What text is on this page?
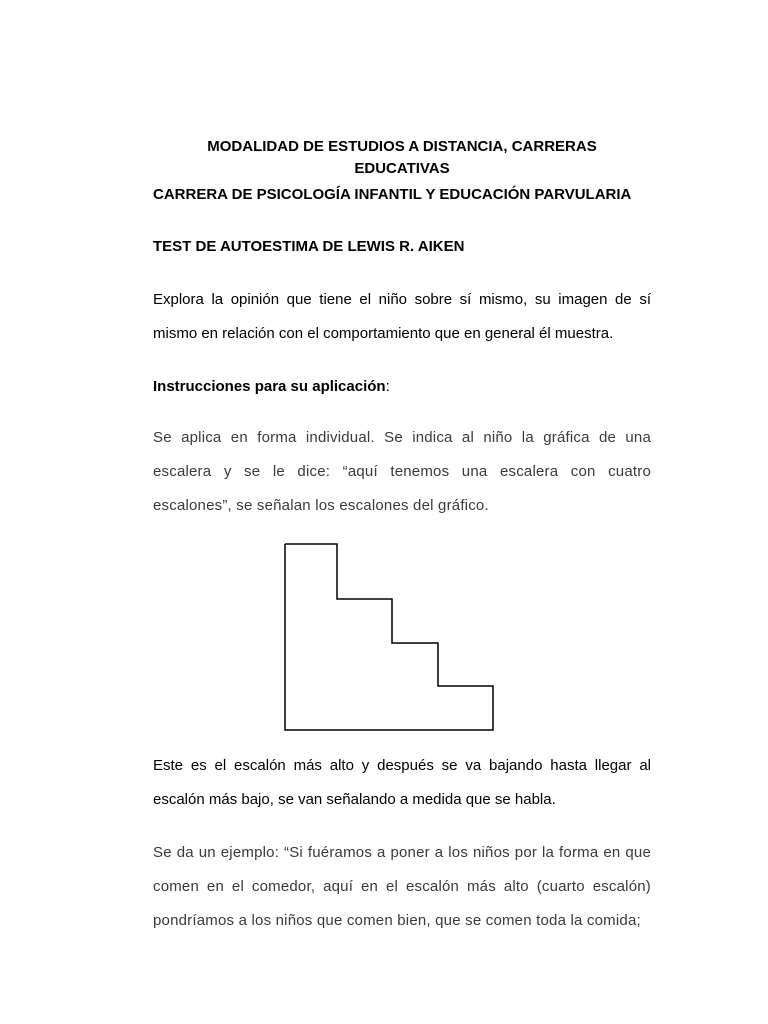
MODALIDAD DE ESTUDIOS A DISTANCIA, CARRERAS

EDUCATIVAS

CARRERA DE PSICOLOGÍA INFANTIL Y EDUCACIÓN PARVULARIA

TEST DE AUTOESTIMA DE LEWIS R. AIKEN

Explora la opinión que tiene el niño sobre sí mismo, su imagen de sí mismo en relación con el comportamiento que en general él muestra.

Instrucciones para su aplicación:

Se aplica en forma individual. Se indica al niño la gráfica de una escalera y se le dice: “aquí tenemos una escalera con cuatro escalones”, se señalan los escalones del gráfico.

Este es el escalón más alto y después se va bajando hasta llegar al escalón más bajo, se van señalando a medida que se habla.

Se da un ejemplo: “Si fuéramos a poner a los niños por la forma en que comen en el comedor, aquí en el escalón más alto (cuarto escalón) pondríamos a los niños que comen bien, que se comen toda la comida;
